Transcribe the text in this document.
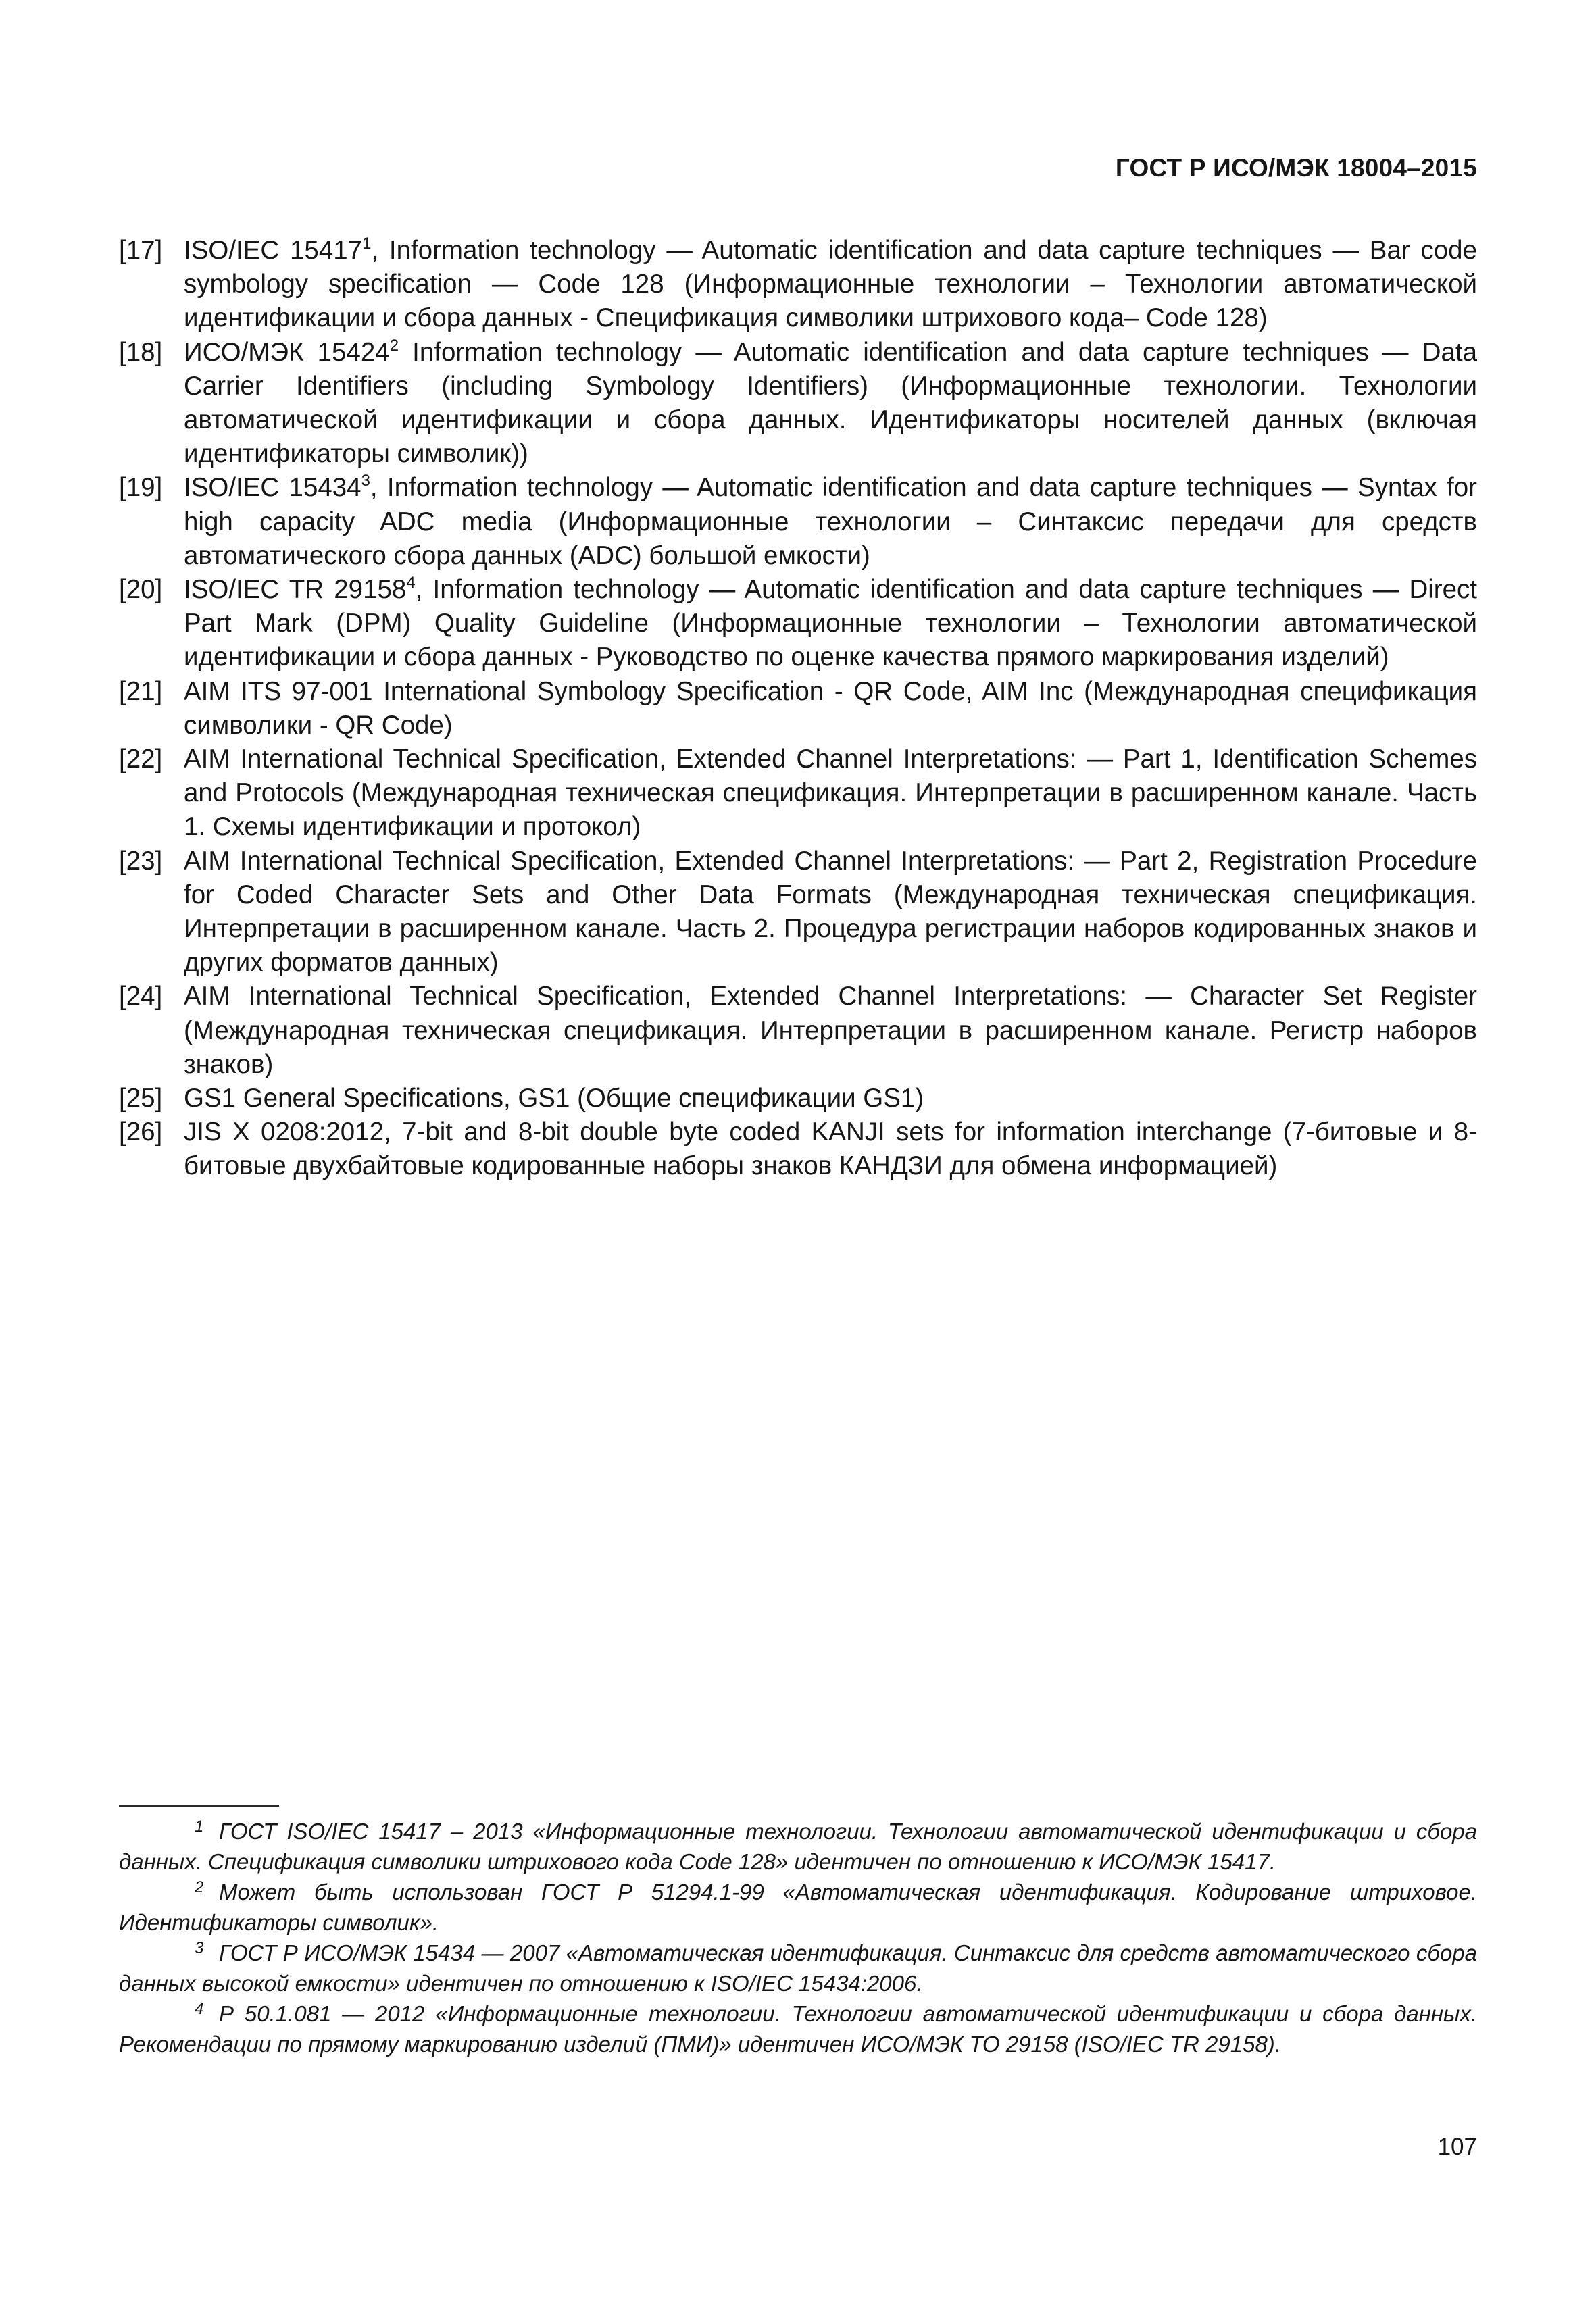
ГОСТ Р ИСО/МЭК 18004–2015
[17] ISO/IEC 15417$^1$, Information technology — Automatic identification and data capture techniques — Bar code symbology specification — Code 128 (Информационные технологии – Технологии автоматической идентификации и сбора данных - Спецификация символики штрихового кода– Code 128)
[18] ИСО/МЭК 15424$^2$ Information technology — Automatic identification and data capture techniques — Data Carrier Identifiers (including Symbology Identifiers) (Информационные технологии. Технологии автоматической идентификации и сбора данных. Идентификаторы носителей данных (включая идентификаторы символик))
[19] ISO/IEC 15434$^3$, Information technology — Automatic identification and data capture techniques — Syntax for high capacity ADC media (Информационные технологии – Синтаксис передачи для средств автоматического сбора данных (ADC) большой емкости)
[20] ISO/IEC TR 29158$^4$, Information technology — Automatic identification and data capture techniques — Direct Part Mark (DPM) Quality Guideline (Информационные технологии – Технологии автоматической идентификации и сбора данных - Руководство по оценке качества прямого маркирования изделий)
[21] AIM ITS 97-001 International Symbology Specification - QR Code, AIM Inc (Международная спецификация символики - QR Code)
[22] AIM International Technical Specification, Extended Channel Interpretations: — Part 1, Identification Schemes and Protocols (Международная техническая спецификация. Интерпретации в расширенном канале. Часть 1. Схемы идентификации и протокол)
[23] AIM International Technical Specification, Extended Channel Interpretations: — Part 2, Registration Procedure for Coded Character Sets and Other Data Formats (Международная техническая спецификация. Интерпретации в расширенном канале. Часть 2. Процедура регистрации наборов кодированных знаков и других форматов данных)
[24] AIM International Technical Specification, Extended Channel Interpretations: — Character Set Register (Международная техническая спецификация. Интерпретации в расширенном канале. Регистр наборов знаков)
[25] GS1 General Specifications, GS1 (Общие спецификации GS1)
[26] JIS X 0208:2012, 7-bit and 8-bit double byte coded KANJI sets for information interchange (7-битовые и 8-битовые двухбайтовые кодированные наборы знаков КАНДЗИ для обмена информацией)
1 ГОСТ ISO/IEC 15417 – 2013 «Информационные технологии. Технологии автоматической идентификации и сбора данных. Спецификация символики штрихового кода Code 128» идентичен по отношению к ИСО/МЭК 15417.
2 Может быть использован ГОСТ Р 51294.1-99 «Автоматическая идентификация. Кодирование штриховое. Идентификаторы символик».
3 ГОСТ Р ИСО/МЭК 15434 — 2007 «Автоматическая идентификация. Синтаксис для средств автоматического сбора данных высокой емкости» идентичен по отношению к ISO/IEC 15434:2006.
4 Р 50.1.081 — 2012 «Информационные технологии. Технологии автоматической идентификации и сбора данных. Рекомендации по прямому маркированию изделий (ПМИ)» идентичен ИСО/МЭК ТО 29158 (ISO/IEC TR 29158).
107
